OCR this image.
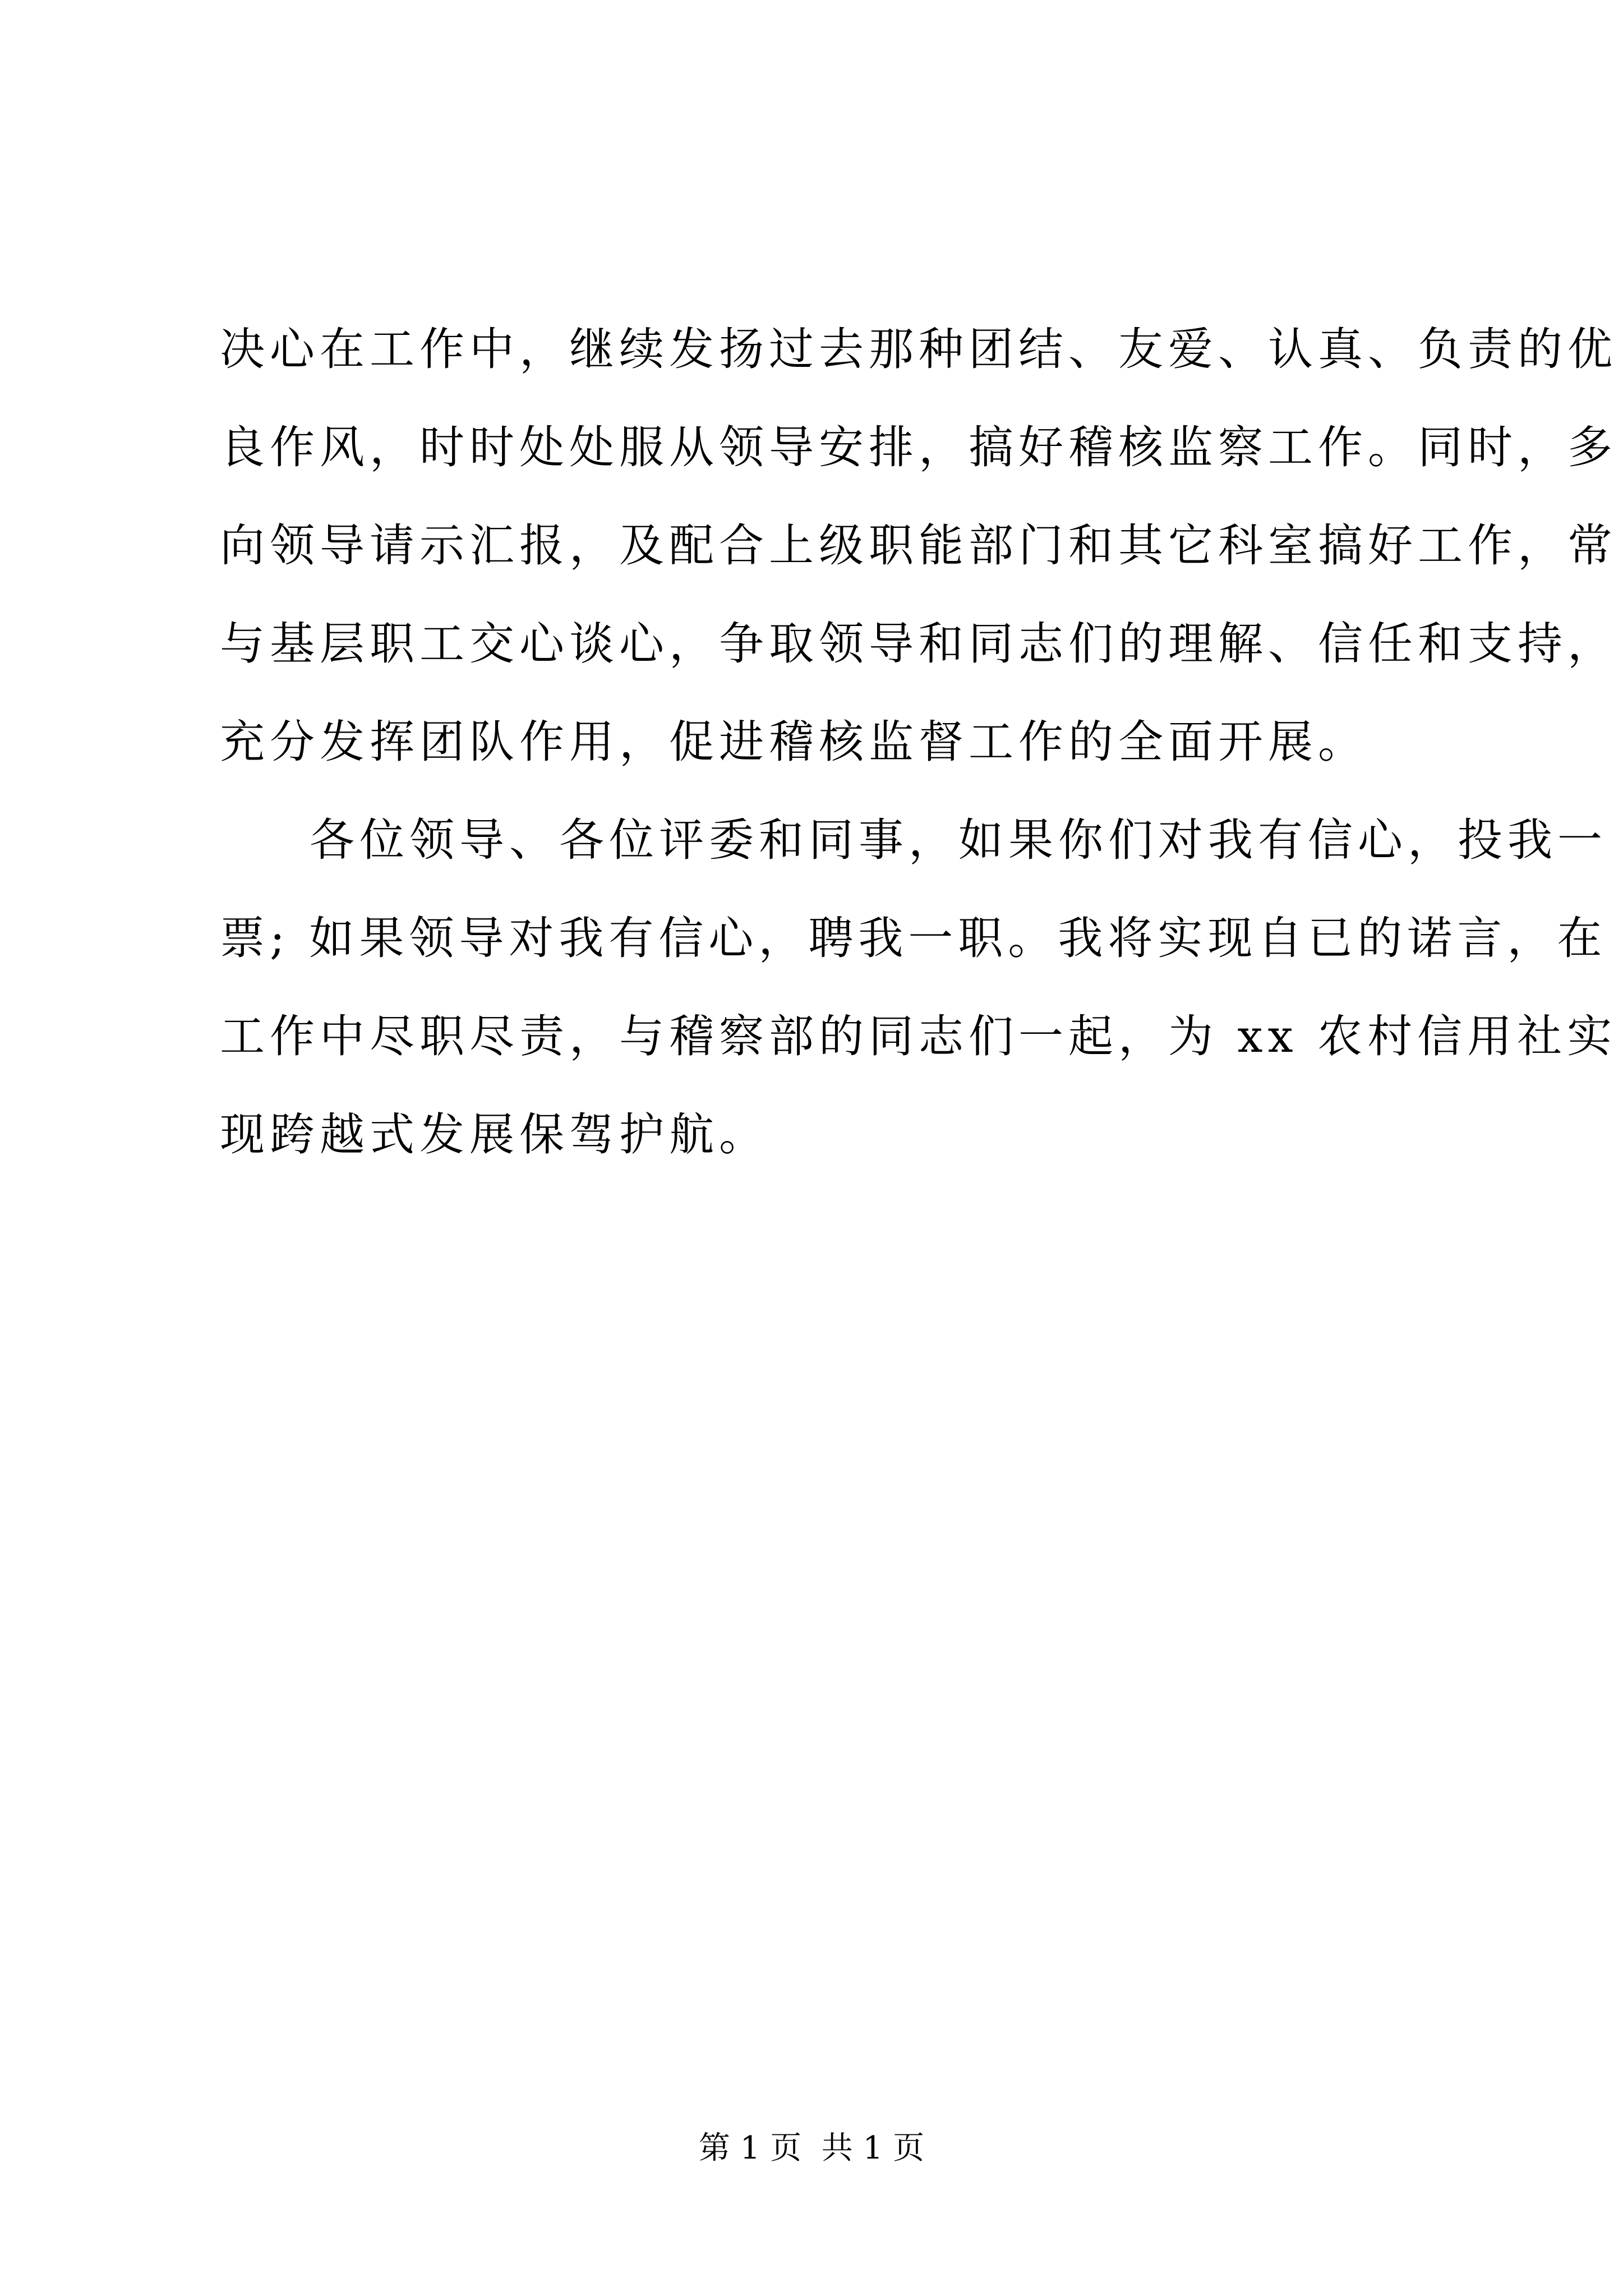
决心在工作中，继续发扬过去那种团结、友爱、认真、负责的优
良作风，时时处处服从领导安排，搞好稽核监察工作。同时，多
向领导请示汇报，及配合上级职能部门和其它科室搞好工作，常
与基层职工交心谈心，争取领导和同志们的理解、信任和支持，
充分发挥团队作用，促进稽核监督工作的全面开展。
各位领导、各位评委和同事，如果你们对我有信心，投我一
票; 如果领导对我有信心，聘我一职。我将实现自已的诺言，在
工作中尽职尽责，与稽察部的同志们一起，为 xx 农村信用社实
现跨越式发展保驾护航。
第 1 页 共 1 页
